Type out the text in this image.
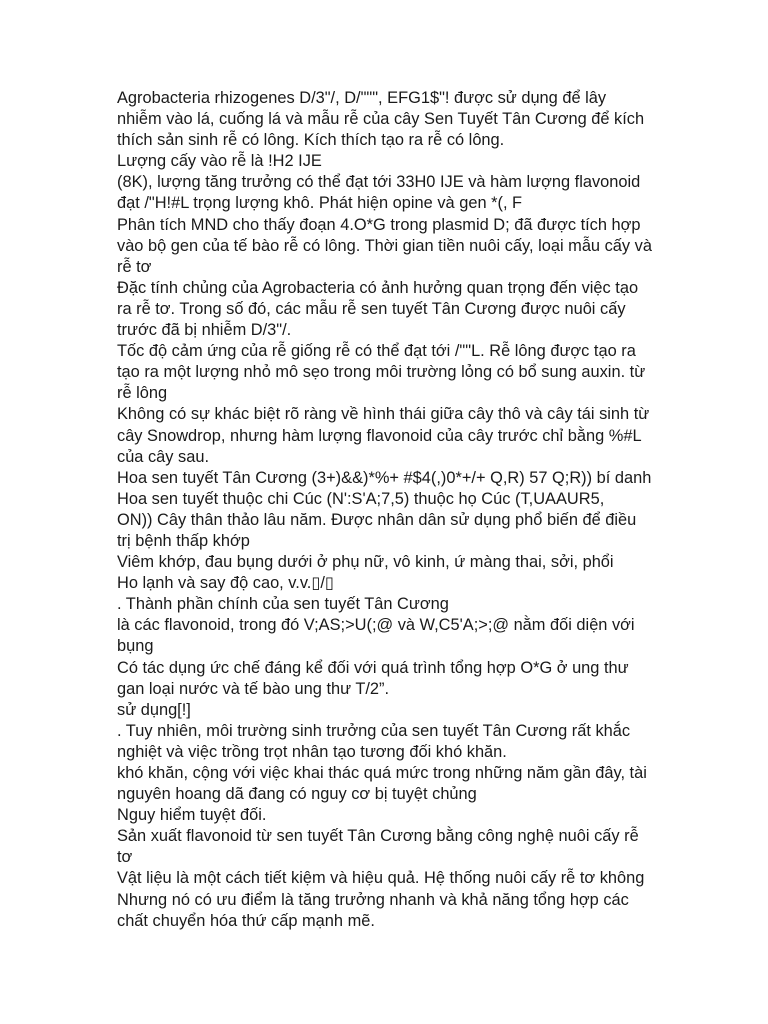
Agrobacteria rhizogenes D/3"/, D/""", EFG1$"! được sử dụng để lây
nhiễm vào lá, cuống lá và mẫu rễ của cây Sen Tuyết Tân Cương để kích
thích sản sinh rễ có lông. Kích thích tạo ra rễ có lông.
Lượng cấy vào rễ là !H2 IJE
(8K), lượng tăng trưởng có thể đạt tới 33H0 IJE và hàm lượng flavonoid
đạt /"H!#L trọng lượng khô. Phát hiện opine và gen *(, F
Phân tích MND cho thấy đoạn 4.O*G trong plasmid D; đã được tích hợp
vào bộ gen của tế bào rễ có lông. Thời gian tiền nuôi cấy, loại mẫu cấy và
rễ tơ
Đặc tính chủng của Agrobacteria có ảnh hưởng quan trọng đến việc tạo
ra rễ tơ. Trong số đó, các mẫu rễ sen tuyết Tân Cương được nuôi cấy
trước đã bị nhiễm D/3"/.
Tốc độ cảm ứng của rễ giống rễ có thể đạt tới /""L. Rễ lông được tạo ra
tạo ra một lượng nhỏ mô sẹo trong môi trường lỏng có bổ sung auxin. từ
rễ lông
Không có sự khác biệt rõ ràng về hình thái giữa cây thô và cây tái sinh từ
cây Snowdrop, nhưng hàm lượng flavonoid của cây trước chỉ bằng %#L
của cây sau.
Hoa sen tuyết Tân Cương (3+)&&)*%+ #$4(,)0*+/+ Q,R) 57 Q;R)) bí danh
Hoa sen tuyết thuộc chi Cúc (N':S'A;7,5) thuộc họ Cúc (T,UAAUR5,
ON)) Cây thân thảo lâu năm. Được nhân dân sử dụng phổ biến để điều
trị bệnh thấp khớp
Viêm khớp, đau bụng dưới ở phụ nữ, vô kinh, ứ màng thai, sởi, phổi
Ho lạnh và say độ cao, v.v.▯/▯
. Thành phần chính của sen tuyết Tân Cương
là các flavonoid, trong đó V;AS;>U(;@ và W,C5'A;>;@ nằm đối diện với
bụng
Có tác dụng ức chế đáng kể đối với quá trình tổng hợp O*G ở ung thư
gan loại nước và tế bào ung thư T/2”.
sử dụng[!]
. Tuy nhiên, môi trường sinh trưởng của sen tuyết Tân Cương rất khắc
nghiệt và việc trồng trọt nhân tạo tương đối khó khăn.
khó khăn, cộng với việc khai thác quá mức trong những năm gần đây, tài
nguyên hoang dã đang có nguy cơ bị tuyệt chủng
Nguy hiểm tuyệt đối.
Sản xuất flavonoid từ sen tuyết Tân Cương bằng công nghệ nuôi cấy rễ
tơ
Vật liệu là một cách tiết kiệm và hiệu quả. Hệ thống nuôi cấy rễ tơ không
Nhưng nó có ưu điểm là tăng trưởng nhanh và khả năng tổng hợp các
chất chuyển hóa thứ cấp mạnh mẽ.
